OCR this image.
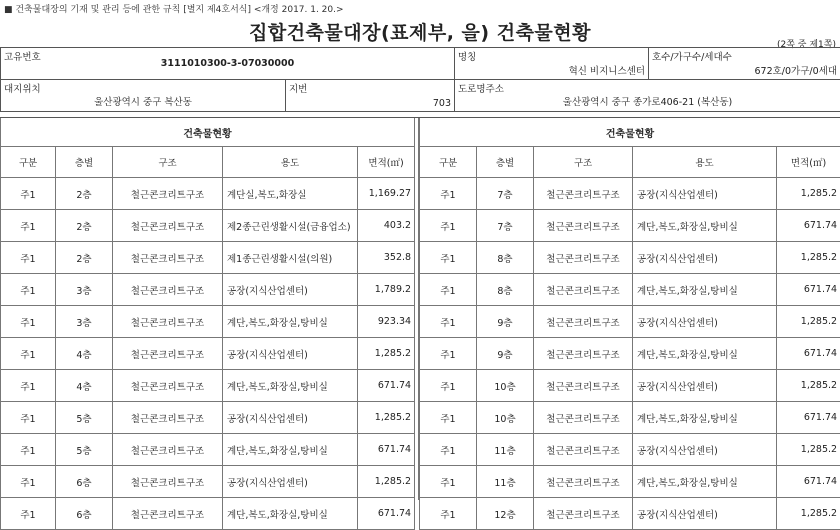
■ 건축물대장의 기재 및 관리 등에 관한 규칙 [별지 제4호서식] <개정 2017. 1. 20.>
집합건축물대장(표제부, 을) 건축물현황
(2쪽 중 제1쪽)
고유번호
3111010300-3-07030000		명칭
혁신 비지니스센터	호수/가구수/세대수
672호/0가구/0세대

대지위치
울산광역시 중구 복산동	지번
703	도로명주소
울산광역시 중구 종가로406-21 (복산동)	
건축물현황				
구분	층별	구조	용도	면적(㎡)
주1	2층	철근콘크리트구조	계단실,복도,화장실	1,169.27
주1	2층	철근콘크리트구조	제2종근린생활시설(금융업소)	403.2
주1	2층	철근콘크리트구조	제1종근린생활시설(의원)	352.8
주1	3층	철근콘크리트구조	공장(지식산업센터)	1,789.2
주1	3층	철근콘크리트구조	계단,복도,화장실,탕비실	923.34
주1	4층	철근콘크리트구조	공장(지식산업센터)	1,285.2
주1	4층	철근콘크리트구조	계단,복도,화장실,탕비실	671.74
주1	5층	철근콘크리트구조	공장(지식산업센터)	1,285.2
주1	5층	철근콘크리트구조	계단,복도,화장실,탕비실	671.74
주1	6층	철근콘크리트구조	공장(지식산업센터)	1,285.2
주1	6층	철근콘크리트구조	계단,복도,화장실,탕비실	671.74
건축물현황				
구분	층별	구조	용도	면적(㎡)
주1	7층	철근콘크리트구조	공장(지식산업센터)	1,285.2
주1	7층	철근콘크리트구조	계단,복도,화장실,탕비실	671.74
주1	8층	철근콘크리트구조	공장(지식산업센터)	1,285.2
주1	8층	철근콘크리트구조	계단,복도,화장실,탕비실	671.74
주1	9층	철근콘크리트구조	공장(지식산업센터)	1,285.2
주1	9층	철근콘크리트구조	계단,복도,화장실,탕비실	671.74
주1	10층	철근콘크리트구조	공장(지식산업센터)	1,285.2
주1	10층	철근콘크리트구조	계단,복도,화장실,탕비실	671.74
주1	11층	철근콘크리트구조	공장(지식산업센터)	1,285.2
주1	11층	철근콘크리트구조	계단,복도,화장실,탕비실	671.74
주1	12층	철근콘크리트구조	공장(지식산업센터)	1,285.2
